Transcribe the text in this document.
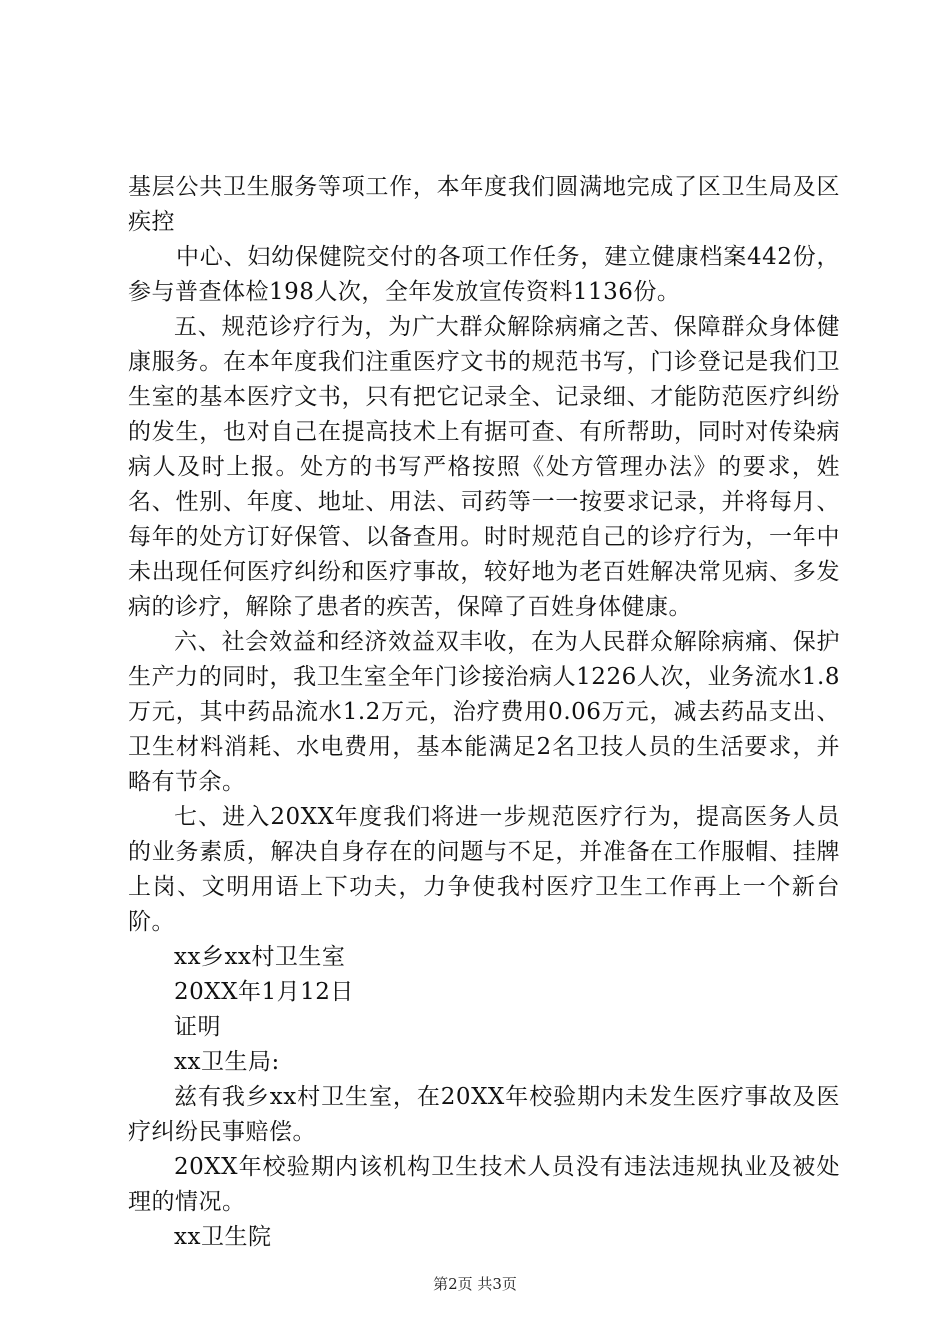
基层公共卫生服务等项工作，本年度我们圆满地完成了区卫生局及区疾控

中心、妇幼保健院交付的各项工作任务，建立健康档案442份，参与普查体检198人次，全年发放宣传资料1136份。

五、规范诊疗行为，为广大群众解除病痛之苦、保障群众身体健康服务。在本年度我们注重医疗文书的规范书写，门诊登记是我们卫生室的基本医疗文书，只有把它记录全、记录细、才能防范医疗纠纷的发生，也对自己在提高技术上有据可查、有所帮助，同时对传染病病人及时上报。处方的书写严格按照《处方管理办法》的要求，姓名、性别、年度、地址、用法、司药等一一按要求记录，并将每月、每年的处方订好保管、以备查用。时时规范自己的诊疗行为，一年中未出现任何医疗纠纷和医疗事故，较好地为老百姓解决常见病、多发病的诊疗，解除了患者的疾苦，保障了百姓身体健康。

六、社会效益和经济效益双丰收，在为人民群众解除病痛、保护生产力的同时，我卫生室全年门诊接治病人1226人次，业务流水1.8万元，其中药品流水1.2万元，治疗费用0.06万元，减去药品支出、卫生材料消耗、水电费用，基本能满足2名卫技人员的生活要求，并略有节余。

七、进入20XX年度我们将进一步规范医疗行为，提高医务人员的业务素质，解决自身存在的问题与不足，并准备在工作服帽、挂牌上岗、文明用语上下功夫，力争使我村医疗卫生工作再上一个新台阶。

xx乡xx村卫生室

20XX年1月12日

证明

xx卫生局:

兹有我乡xx村卫生室，在20XX年校验期内未发生医疗事故及医疗纠纷民事赔偿。

20XX年校验期内该机构卫生技术人员没有违法违规执业及被处理的情况。

xx卫生院

第2页 共3页
